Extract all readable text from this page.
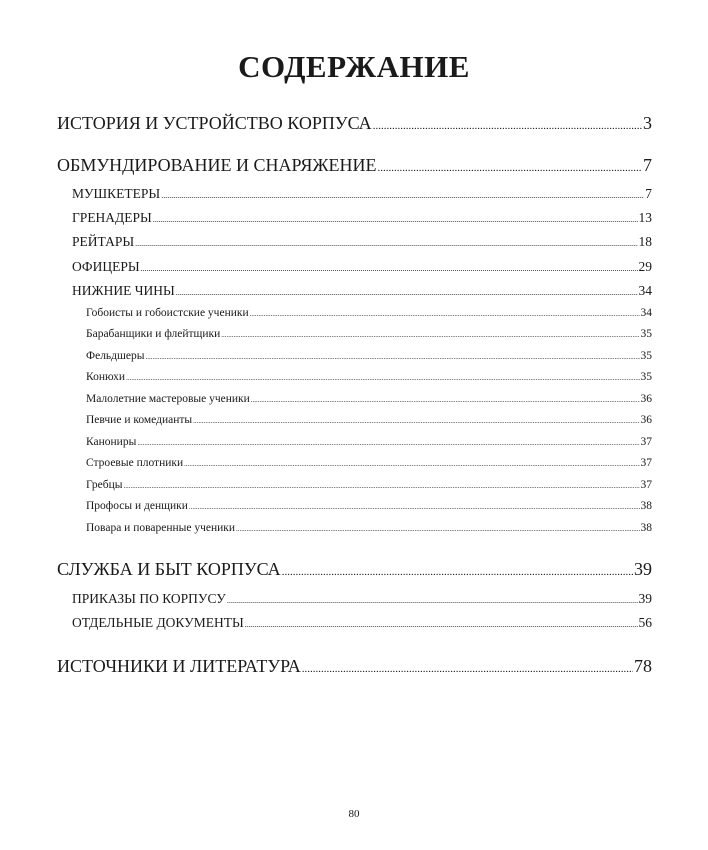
СОДЕРЖАНИЕ
ИСТОРИЯ И УСТРОЙСТВО КОРПУСА .....	3
ОБМУНДИРОВАНИЕ И СНАРЯЖЕНИЕ .....	7
МУШКЕТЕРЫ .....	7
ГРЕНАДЕРЫ .....	13
РЕЙТАРЫ .....	18
ОФИЦЕРЫ .....	29
НИЖНИЕ ЧИНЫ .....	34
Гобоисты и гобоистские ученики .....	34
Барабанщики и флейтщики .....	35
Фельдшеры .....	35
Конюхи .....	35
Малолетние мастеровые ученики .....	36
Певчие и комедианты .....	36
Канониры .....	37
Строевые плотники .....	37
Гребцы .....	37
Профосы и денщики .....	38
Повара и поваренные ученики .....	38
СЛУЖБА И БЫТ КОРПУСА .....	39
ПРИКАЗЫ ПО КОРПУСУ .....	39
ОТДЕЛЬНЫЕ ДОКУМЕНТЫ .....	56
ИСТОЧНИКИ И ЛИТЕРАТУРА .....	78
80
